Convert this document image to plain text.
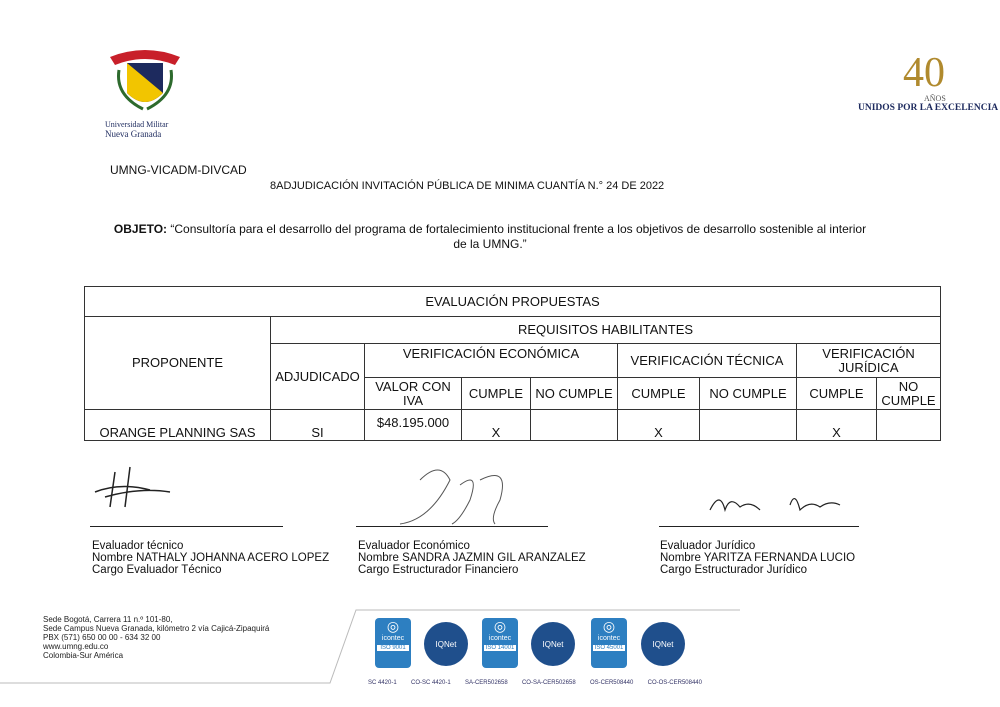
Universidad Militar
Nueva Granada
40
AÑOS
UNIDOS POR LA EXCELENCIA
UMNG-VICADM-DIVCAD
8ADJUDICACIÓN INVITACIÓN PÚBLICA DE MINIMA CUANTÍA N.° 24 DE 2022
OBJETO: “Consultoría para el desarrollo del programa de fortalecimiento institucional frente a los objetivos de desarrollo sostenible al interior de la UMNG.”
EVALUACIÓN PROPUESTAS								
PROPONENTE	REQUISITOS HABILITANTES							
	ADJUDICADO	VERIFICACIÓN ECONÓMICA			VERIFICACIÓN TÉCNICA		VERIFICACIÓN JURÍDICA	
		VALOR CON IVA	CUMPLE	NO CUMPLE	CUMPLE	NO CUMPLE	CUMPLE	NO CUMPLE
ORANGE PLANNING SAS	SI	$48.195.000	X		X		X	
Evaluador técnico
Nombre NATHALY JOHANNA ACERO LOPEZ
Cargo Evaluador Técnico
Evaluador Económico
Nombre SANDRA JAZMIN GIL ARANZALEZ
Cargo Estructurador Financiero
Evaluador Jurídico
Nombre YARITZA FERNANDA LUCIO
Cargo Estructurador Jurídico
Sede Bogotá, Carrera 11 n.º 101-80,
Sede Campus Nueva Granada, kilómetro 2 vía Cajicá-Zipaquirá
PBX (571) 650 00 00 - 634 32 00
www.umng.edu.co
Colombia-Sur América
◎
icontec
ISO 9001	IQNet
◎
icontec
ISO 14001	IQNet
◎
icontec
ISO 45001	IQNet
SC 4420-1 CO-SC 4420-1 SA-CER502658 CO-SA-CER502658 OS-CER508440 CO-OS-CER508440
